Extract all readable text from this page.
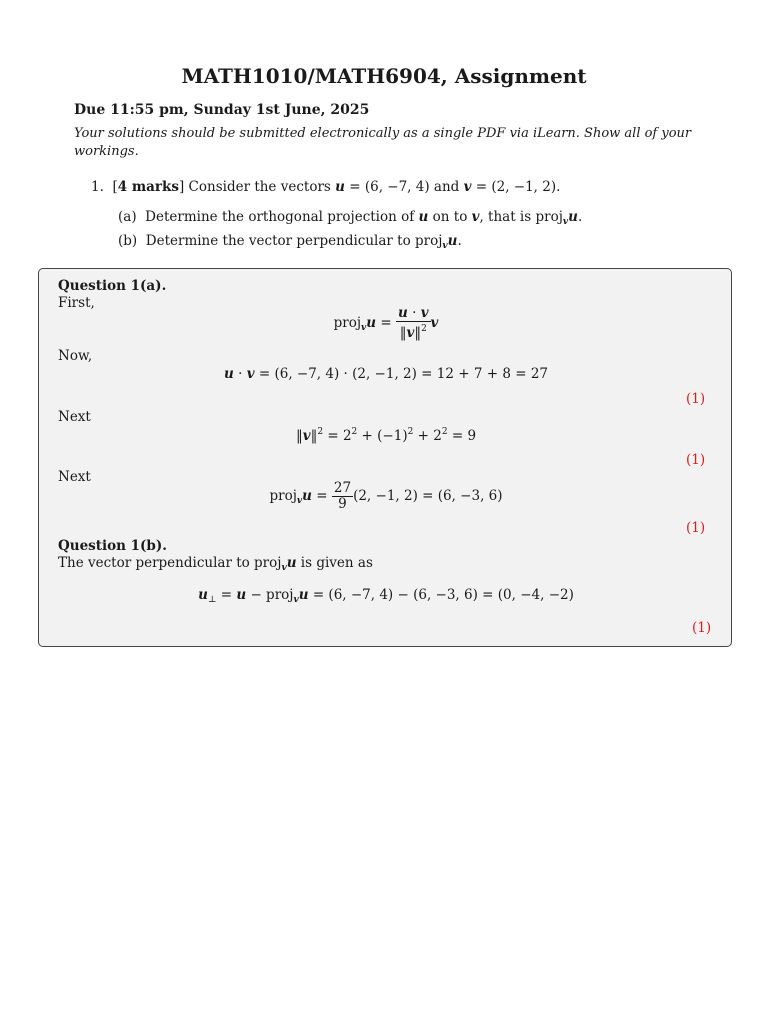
MATH1010/MATH6904, Assignment
Due 11:55 pm, Sunday 1st June, 2025
Your solutions should be submitted electronically as a single PDF via iLearn. Show all of your workings.
1. [4 marks] Consider the vectors u = (6, −7, 4) and v = (2, −1, 2).
(a)  Determine the orthogonal projection of u on to v, that is proj$_v$u.
(b)  Determine the vector perpendicular to proj$_v$u.
Question 1(a).
First,
proj$_v$u = $\frac{u \cdot v}{‖v‖^2}$ v
Now,
u · v = (6, −7, 4) · (2, −1, 2) = 12 + 7 + 8 = 27
(1)
Next
‖v‖$^2$ = $2^2 + (-1)^2 + 2^2 = 9$
(1)
Next
proj$_v$u = $\frac{27}{9} (2$, −1, 2) = (6, −3, 6)
(1)
Question 1(b).
The vector perpendicular to proj$_v$u is given as
$u_\perp = u$ − proj$_v$u = (6, −7, 4) − (6, −3, 6) = (0, −4, −2)
(1)
